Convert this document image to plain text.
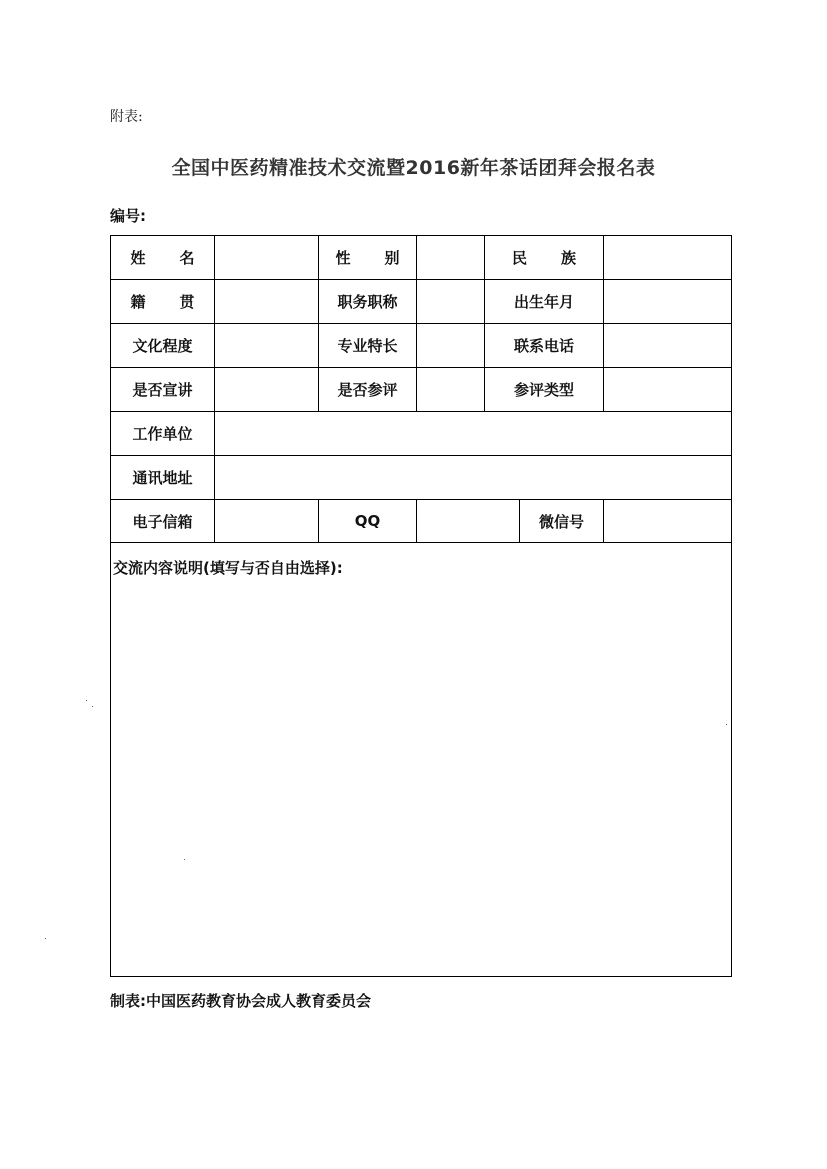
附表:
全国中医药精准技术交流暨2016新年茶话团拜会报名表
编号:
姓 名	性 别	民 族
籍 贯	职务职称	出生年月
文化程度	专业特长	联系电话
是否宣讲	是否参评	参评类型
工作单位
通讯地址
电子信箱	QQ	微信号
交流内容说明(填写与否自由选择):
制表:中国医药教育协会成人教育委员会
